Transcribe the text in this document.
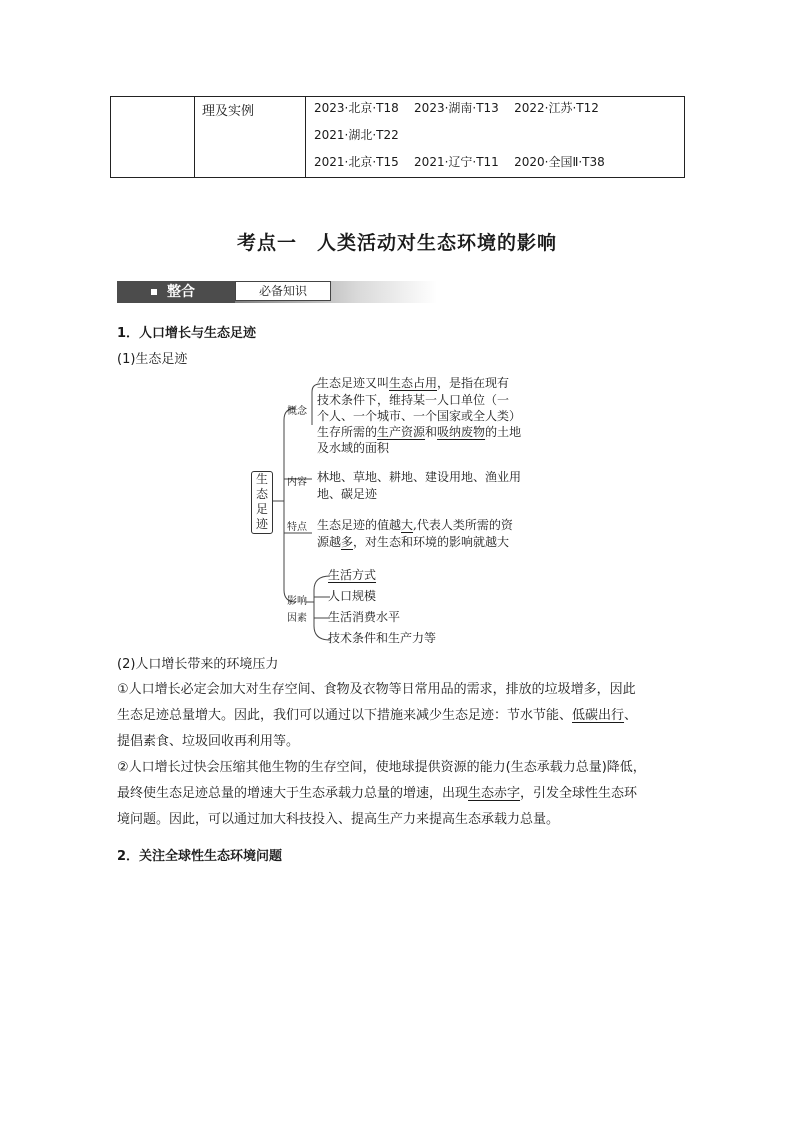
理及实例	2023·北京·T18 2023·湖南·T13 2022·江苏·T12
2021·湖北·T22
2021·北京·T15 2021·辽宁·T11 2020·全国Ⅱ·T38
考点一　人类活动对生态环境的影响
整合	必备知识
1．人口增长与生态足迹
(1)生态足迹
生
态
足
迹
概念
生态足迹又叫生态占用，是指在现有
技术条件下，维持某一人口单位（一
个人、一个城市、一个国家或全人类）
生存所需的生产资源和吸纳废物的土地
及水域的面积
内容 林地、草地、耕地、建设用地、渔业用
地、碳足迹
特点 生态足迹的值越大,代表人类所需的资
源越多，对生态和环境的影响就越大
影响
因素
生活方式
人口规模
生活消费水平
技术条件和生产力等
(2)人口增长带来的环境压力
①人口增长必定会加大对生存空间、食物及衣物等日常用品的需求，排放的垃圾增多，因此
生态足迹总量增大。因此，我们可以通过以下措施来减少生态足迹：节水节能、低碳出行、
提倡素食、垃圾回收再利用等。
②人口增长过快会压缩其他生物的生存空间，使地球提供资源的能力(生态承载力总量)降低，
最终使生态足迹总量的增速大于生态承载力总量的增速，出现生态赤字，引发全球性生态环
境问题。因此，可以通过加大科技投入、提高生产力来提高生态承载力总量。
2．关注全球性生态环境问题
